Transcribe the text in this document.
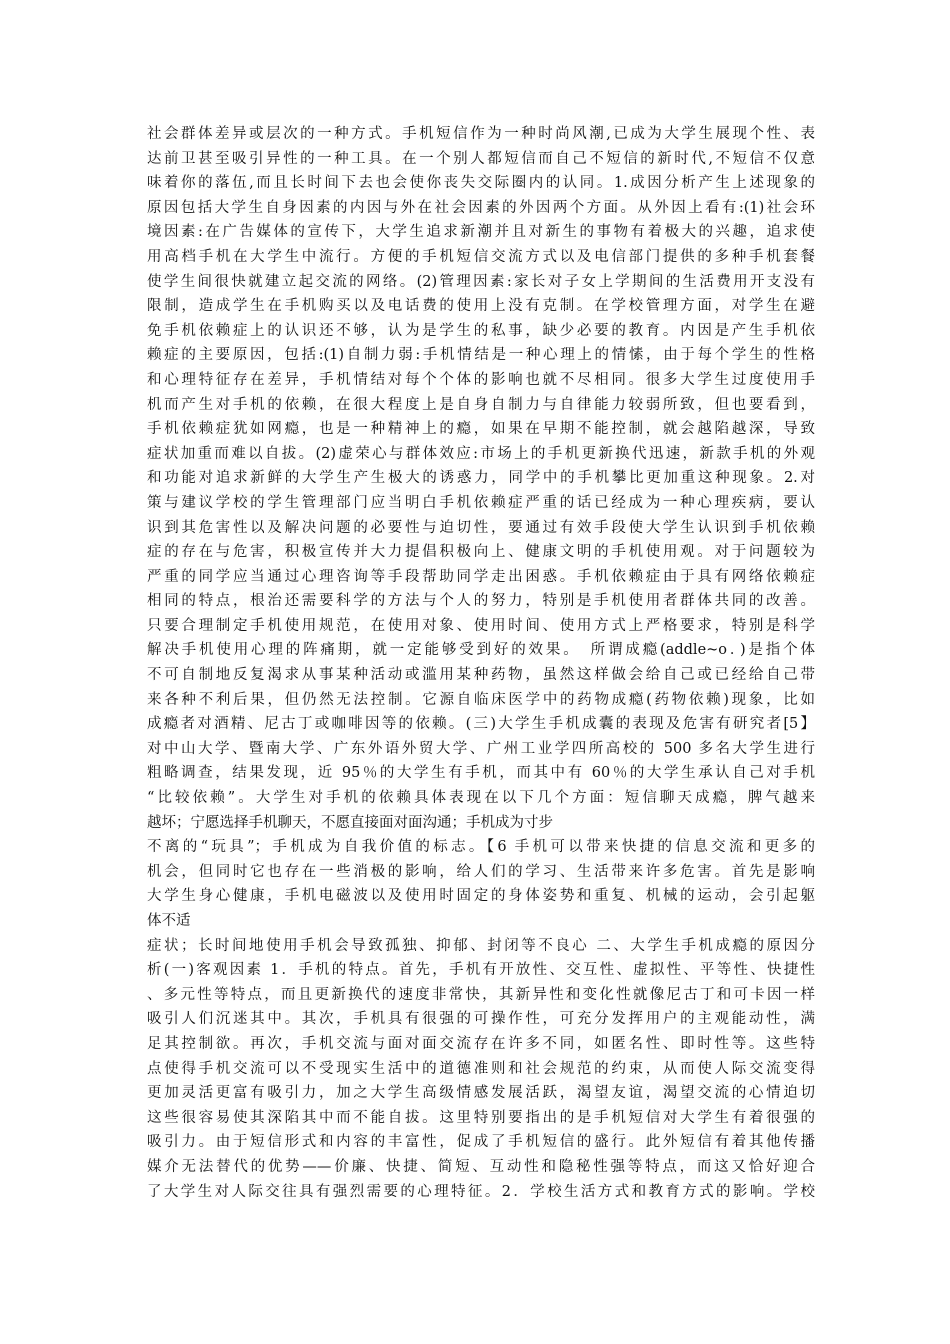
社会群体差异或层次的一种方式。手机短信作为一种时尚风潮,已成为大学生展现个性、表
达前卫甚至吸引异性的一种工具。在一个别人都短信而自己不短信的新时代,不短信不仅意
味着你的落伍,而且长时间下去也会使你丧失交际圈内的认同。1.成因分析产生上述现象的
原因包括大学生自身因素的内因与外在社会因素的外因两个方面。从外因上看有:(1)社会环
境因素:在广告媒体的宣传下，大学生追求新潮并且对新生的事物有着极大的兴趣，追求使
用高档手机在大学生中流行。方便的手机短信交流方式以及电信部门提供的多种手机套餐
使学生间很快就建立起交流的网络。(2)管理因素:家长对子女上学期间的生活费用开支没有
限制，造成学生在手机购买以及电话费的使用上没有克制。在学校管理方面，对学生在避
免手机依赖症上的认识还不够，认为是学生的私事，缺少必要的教育。内因是产生手机依
赖症的主要原因，包括:(1)自制力弱:手机情结是一种心理上的情愫，由于每个学生的性格
和心理特征存在差异，手机情结对每个个体的影响也就不尽相同。很多大学生过度使用手
机而产生对手机的依赖，在很大程度上是自身自制力与自律能力较弱所致，但也要看到，
手机依赖症犹如网瘾，也是一种精神上的瘾，如果在早期不能控制，就会越陷越深，导致
症状加重而难以自拔。(2)虚荣心与群体效应:市场上的手机更新换代迅速，新款手机的外观
和功能对追求新鲜的大学生产生极大的诱惑力，同学中的手机攀比更加重这种现象。2.对
策与建议学校的学生管理部门应当明白手机依赖症严重的话已经成为一种心理疾病，要认
识到其危害性以及解决问题的必要性与迫切性，要通过有效手段使大学生认识到手机依赖
症的存在与危害，积极宣传并大力提倡积极向上、健康文明的手机使用观。对于问题较为
严重的同学应当通过心理咨询等手段帮助同学走出困惑。手机依赖症由于具有网络依赖症
相同的特点，根治还需要科学的方法与个人的努力，特别是手机使用者群体共同的改善。
只要合理制定手机使用规范，在使用对象、使用时间、使用方式上严格要求，特别是科学
解决手机使用心理的阵痛期，就一定能够受到好的效果。　所谓成瘾(addle~o．)是指个体
不可自制地反复渴求从事某种活动或滥用某种药物，虽然这样做会给自己或已经给自己带
来各种不利后果，但仍然无法控制。它源自临床医学中的药物成瘾(药物依赖)现象，比如
成瘾者对酒精、尼古丁或咖啡因等的依赖。(三)大学生手机成囊的表现及危害有研究者[5】
对中山大学、暨南大学、广东外语外贸大学、广州工业学四所高校的 500 多名大学生进行
粗略调查，结果发现，近 95％的大学生有手机，而其中有 60％的大学生承认自己对手机
“比较依赖”。大学生对手机的依赖具体表现在以下几个方面：短信聊天成瘾，脾气越来
越坏；宁愿选择手机聊天，不愿直接面对面沟通；手机成为寸步
不离的“玩具”；手机成为自我价值的标志。【6 手机可以带来快捷的信息交流和更多的
机会，但同时它也存在一些消极的影响，给人们的学习、生活带来许多危害。首先是影响
大学生身心健康，手机电磁波以及使用时固定的身体姿势和重复、机械的运动，会引起躯
体不适
症状；长时间地使用手机会导致孤独、抑郁、封闭等不良心 二、大学生手机成瘾的原因分
析(一)客观因素 1．手机的特点。首先，手机有开放性、交互性、虚拟性、平等性、快捷性
、多元性等特点，而且更新换代的速度非常快，其新异性和变化性就像尼古丁和可卡因一样
吸引人们沉迷其中。其次，手机具有很强的可操作性，可充分发挥用户的主观能动性，满
足其控制欲。再次，手机交流与面对面交流存在许多不同，如匿名性、即时性等。这些特
点使得手机交流可以不受现实生活中的道德准则和社会规范的约束，从而使人际交流变得
更加灵活更富有吸引力，加之大学生高级情感发展活跃，渴望友谊，渴望交流的心情迫切
这些很容易使其深陷其中而不能自拔。这里特别要指出的是手机短信对大学生有着很强的
吸引力。由于短信形式和内容的丰富性，促成了手机短信的盛行。此外短信有着其他传播
媒介无法替代的优势——价廉、快捷、简短、互动性和隐秘性强等特点，而这又恰好迎合
了大学生对人际交往具有强烈需要的心理特征。2．学校生活方式和教育方式的影响。学校
